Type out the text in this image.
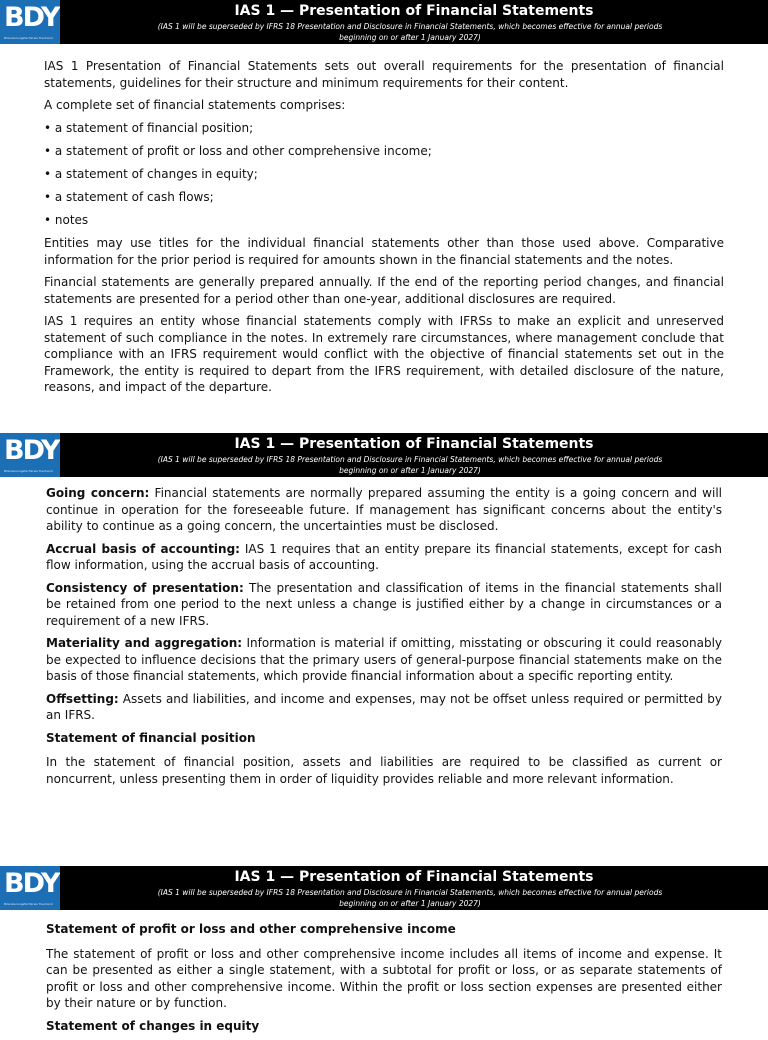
BDY
Bilanzierungsfachkreis Treuhand
IAS 1 — Presentation of Financial Statements
(IAS 1 will be superseded by IFRS 18 Presentation and Disclosure in Financial Statements, which becomes effective for annual periods beginning on or after 1 January 2027)

IAS 1 Presentation of Financial Statements sets out overall requirements for the presentation of financial statements, guidelines for their structure and minimum requirements for their content.

A complete set of financial statements comprises:

• a statement of financial position;

• a statement of profit or loss and other comprehensive income;

• a statement of changes in equity;

• a statement of cash flows;

• notes

Entities may use titles for the individual financial statements other than those used above. Comparative information for the prior period is required for amounts shown in the financial statements and the notes.

Financial statements are generally prepared annually. If the end of the reporting period changes, and financial statements are presented for a period other than one-year, additional disclosures are required.

IAS 1 requires an entity whose financial statements comply with IFRSs to make an explicit and unreserved statement of such compliance in the notes. In extremely rare circumstances, where management conclude that compliance with an IFRS requirement would conflict with the objective of financial statements set out in the Framework, the entity is required to depart from the IFRS requirement, with detailed disclosure of the nature, reasons, and impact of the departure.

BDY
Bilanzierungsfachkreis Treuhand
IAS 1 — Presentation of Financial Statements
(IAS 1 will be superseded by IFRS 18 Presentation and Disclosure in Financial Statements, which becomes effective for annual periods beginning on or after 1 January 2027)

Going concern: Financial statements are normally prepared assuming the entity is a going concern and will continue in operation for the foreseeable future. If management has significant concerns about the entity's ability to continue as a going concern, the uncertainties must be disclosed.

Accrual basis of accounting: IAS 1 requires that an entity prepare its financial statements, except for cash flow information, using the accrual basis of accounting.

Consistency of presentation: The presentation and classification of items in the financial statements shall be retained from one period to the next unless a change is justified either by a change in circumstances or a requirement of a new IFRS.

Materiality and aggregation: Information is material if omitting, misstating or obscuring it could reasonably be expected to influence decisions that the primary users of general-purpose financial statements make on the basis of those financial statements, which provide financial information about a specific reporting entity.

Offsetting: Assets and liabilities, and income and expenses, may not be offset unless required or permitted by an IFRS.

Statement of financial position

In the statement of financial position, assets and liabilities are required to be classified as current or noncurrent, unless presenting them in order of liquidity provides reliable and more relevant information.

BDY
Bilanzierungsfachkreis Treuhand
IAS 1 — Presentation of Financial Statements
(IAS 1 will be superseded by IFRS 18 Presentation and Disclosure in Financial Statements, which becomes effective for annual periods beginning on or after 1 January 2027)

Statement of profit or loss and other comprehensive income

The statement of profit or loss and other comprehensive income includes all items of income and expense. It can be presented as either a single statement, with a subtotal for profit or loss, or as separate statements of profit or loss and other comprehensive income. Within the profit or loss section expenses are presented either by their nature or by function.

Statement of changes in equity
